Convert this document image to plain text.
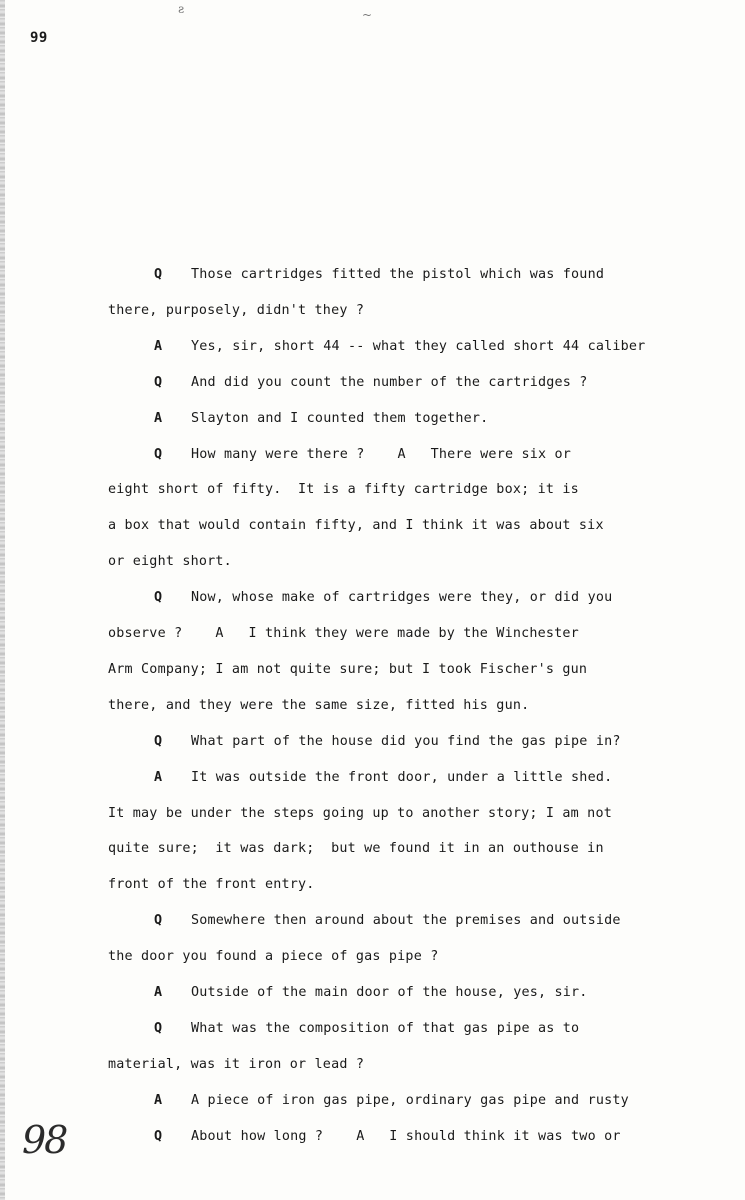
ƨ	~
99
Q Those cartridges fitted the pistol which was found
there, purposely, didn't they ?
A Yes, sir, short 44 -- what they called short 44 caliber
Q And did you count the number of the cartridges ?
A Slayton and I counted them together.
Q How many were there ?    A   There were six or
eight short of fifty.  It is a fifty cartridge box; it is
a box that would contain fifty, and I think it was about six
or eight short.
Q Now, whose make of cartridges were they, or did you
observe ?    A   I think they were made by the Winchester
Arm Company; I am not quite sure; but I took Fischer's gun
there, and they were the same size, fitted his gun.
Q What part of the house did you find the gas pipe in?
A It was outside the front door, under a little shed.
It may be under the steps going up to another story; I am not
quite sure;  it was dark;  but we found it in an outhouse in
front of the front entry.
Q Somewhere then around about the premises and outside
the door you found a piece of gas pipe ?
A Outside of the main door of the house, yes, sir.
Q What was the composition of that gas pipe as to
material, was it iron or lead ?
A A piece of iron gas pipe, ordinary gas pipe and rusty
Q About how long ?    A   I should think it was two or
98
